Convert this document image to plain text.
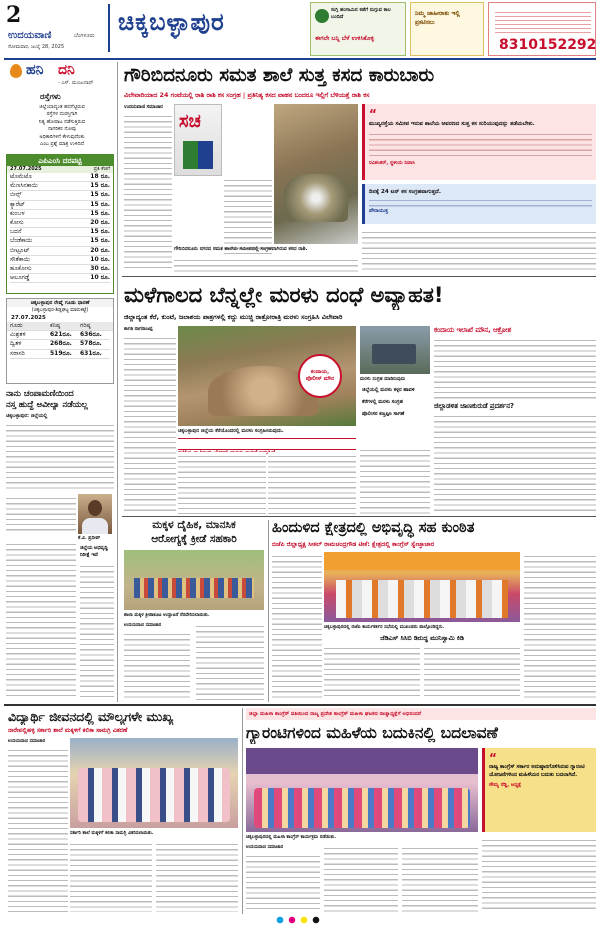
2
ಉದಯವಾಣಿ	ಬೆಂಗಳೂರು
ಸೋಮವಾರ, ಜುಲೈ 28, 2025
ಚಿಕ್ಕಬಳ್ಳಾಪುರ	ಸುಗ್ಗಿ ಹಂಗಾಮಿನ ಕಡೆಗೆ ನುಗ್ಗುವ ಕಾಲ ಬಂದಿದೆ
ಈಗಲೇ ಬನ್ನಿ ಬೆಳೆ ಉಳಿಸಿಕೊಳ್ಳಿ
ನಿಮ್ಮ ಜಾಹೀರಾತು ಇಲ್ಲಿ ಪ್ರಕಟಿಸಲು
8310152292
ಹನಿ ದನಿ
- ಎಸ್. ಮಂಜುನಾಥ್
ರಸ್ತೆಗಳು
ಜಿಲ್ಲೆಯಾದ್ಯಂತ ಹದಗೆಟ್ಟಿರುವ
ರಸ್ತೆಗಳ ದುರಸ್ತಿಗಾಗಿ
ನಿತ್ಯ ಹೋರಾಟ ನಡೆಸುತ್ತಿರುವ
ನಾಗರಿಕರ ನೋವು
ಅಧಿಕಾರಿಗಳಿಗೆ ಕೇಳುವುದೆಂತು
ಎಂಬ ಪ್ರಶ್ನೆ ಮಾತ್ರ ಉಳಿದಿದೆ
ಎಪಿಎಂಸಿ ದರಪಟ್ಟಿ
27.07.2025	ಪ್ರತಿ ಕೆಜಿಗೆ
ಟೊಮೆಟೊ	18 ರೂ.
ಮೆಣಸಿನಕಾಯಿ	15 ರೂ.
ಬೀನ್ಸ್	15 ರೂ.
ಕ್ಯಾರೆಟ್	15 ರೂ.
ಕುಂಬಳ	15 ರೂ.
ಕೋಸು	20 ರೂ.
ಬದನೆ	15 ರೂ.
ಬೆಂಡೆಕಾಯಿ	15 ರೂ.
ಬೀಟ್ರೂಟ್	20 ರೂ.
ಸೌತೆಕಾಯಿ	10 ರೂ.
ಹೂಕೋಸು	30 ರೂ.
ಆಲೂಗಡ್ಡೆ	10 ರೂ.
ಚಿಕ್ಕಬಳ್ಳಾಪುರ ರೇಷ್ಮೆ ಗೂಡು ಧಾರಣೆ
(ಚಿಕ್ಕಬಳ್ಳಾಪುರ-ಶಿಡ್ಲಘಟ್ಟ ಮಾರುಕಟ್ಟೆ)
27.07.2025
ಗೂಡು	ಕನಿಷ್ಠ	ಗರಿಷ್ಠ
ಮಿಶ್ರತಳಿ	621ರೂ.	636ರೂ.
ದ್ವಿತಳಿ	268ರೂ.	578ರೂ.
ಸರಾಸರಿ	519ರೂ.	631ರೂ.
ನಾನು ಚಂಪಾಮಣಿಯಿಂದ
ನಸ್ತ ಹುದ್ದೆ ಅವೀಲ್ಯಾ ನಡೆಯಲ್ಲ
ಚಿಕ್ಕಬಳ್ಳಾಪುರ: ಜಿಲ್ಲೆಯಲ್ಲಿ
ಕೆ.ವಿ. ಪ್ರದೀಪ್
ಜಿಲ್ಲೆಯ ಅಭಿವೃದ್ಧಿ
ನಿರೀಕ್ಷೆ ಇದೆ
ಗೌರಿಬಿದನೂರು ಸಮತ ಶಾಲೆ ಸುತ್ತ ಕಸದ ಕಾರುಬಾರು
ವಿಲೇವಾರಿಯಾದ 24 ಗಂಟೆಯಲ್ಲಿ ರಾಶಿ ರಾಶಿ ಕಸ ಸಂಗ್ರಹ | ಪ್ರತಿನಿತ್ಯ ಕಸದ ವಾಹನ ಬಂದರೂ ಇಲ್ಲಿಗೆ ಬೆಳಿಯತ್ತೆ ರಾಶಿ ಕಸ
ಉದಯವಾಣಿ ಸಮಾಚಾರ
ಸಚ
ಗೌರಿಬಿದನೂರು ನಗರದ ಸಮತ ಶಾಲೆಯ ಸಮೀಪದಲ್ಲಿ ಸಂಗ್ರಹವಾಗಿರುವ ಕಸದ ರಾಶಿ.
“
ಮುಖ್ಯರಸ್ತೆಯ ಸಮೀಪ ಇರುವ ಶಾಲೆಯ ಆವರಣದ ಸುತ್ತ ಕಸ ಸುರಿಯುವುದನ್ನು ತಡೆಯಬೇಕು.
ರವಿಶಂಕರ್, ಸ್ಥಳೀಯ ನಿವಾಸಿ
ದಿನಕ್ಕೆ 24 ಟನ್ ಕಸ ಸಂಗ್ರಹವಾಗುತ್ತದೆ.
ಪೌರಾಯುಕ್ತ
ಮಳೆಗಾಲದ ಬೆನ್ನಲ್ಲೇ ಮರಳು ದಂಧೆ ಅವ್ಯಾಹತ!
ಜಿಲ್ಲಾದ್ಯಂತ ಕೆರೆ, ಕುಂಟೆ, ಜಲಾಶಯ ಪಾತ್ರಗಳಲ್ಲಿ ಕದ್ದು ಮುಚ್ಚಿ ರಾತ್ರೋರಾತ್ರಿ ಮರಳು ಸಂಗ್ರಹಿಸಿ ವಿಲೇವಾರಿ
ಕಾಗತಿ ನಾಗರಾಜಪ್ಪ
ಕಂದಾಯ, ಪೊಲೀಸ್ ಮೌನ
ಚಿಕ್ಕಬಳ್ಳಾಪುರ ಜಿಲ್ಲೆಯ ಕೆರೆಯೊಂದರಲ್ಲಿ ಮರಳು ಸಂಗ್ರಹಿಸಿರುವುದು.
ಮರಳು ಸಂಗ್ರಹ ಮಾಡಿರುವುದು
ಜಿಲ್ಲೆಯಲ್ಲಿ ಮರಳು ಕಳ್ಳರ ಹಾವಳಿ
ಕೆರೆಗಳಲ್ಲಿ ಮರಳು ಸಂಗ್ರಹ
ಪೊಲೀಸರ ಕಣ್ತಪ್ಪಿಸಿ ಸಾಗಣೆ
ಕಂದಾಯ ಇಲಾಖೆ ಮೌನ, ಆಕ್ರೋಶ
ಜಿಲ್ಲಾಡಳಿತ ಜಾಣಕುರುಡೆ ಪ್ರದರ್ಶನ?
ಮಕ್ಕಳ ದೈಹಿಕ, ಮಾನಸಿಕ
ಆರೋಗ್ಯಕ್ಕೆ ಕ್ರೀಡೆ ಸಹಕಾರಿ
ಶಾಲಾ ಮಕ್ಕಳ ಕ್ರೀಡಾಕೂಟ ಉದ್ಘಾಟನೆ ನೆರವೇರಿಸಲಾಯಿತು.
ಉದಯವಾಣಿ ಸಮಾಚಾರ
ಹಿಂದುಳಿದ ಕ್ಷೇತ್ರದಲ್ಲಿ ಅಭಿವೃದ್ಧಿ ಸಹ ಕುಂಠಿತ
ಬಿಜೆಪಿ ಜಿಲ್ಲಾಧ್ಯಕ್ಷ ಸೀಕಲ್ ರಾಮಚಂದ್ರಗೌಡ ಟೀಕೆ: ಕ್ಷೇತ್ರದಲ್ಲಿ ಕಾಂಗ್ರೆಸ್ ಸ್ವೇಚ್ಛಾಚಾರ
ಚಿಕ್ಕಬಳ್ಳಾಪುರದಲ್ಲಿ ಬಿಜೆಪಿ ಕಾರ್ಯಕರ್ತರ ಸಭೆಯಲ್ಲಿ ಮುಖಂಡರು ಪಾಲ್ಗೊಂಡಿದ್ದರು.
ಜೆಡಿಎಸ್ ಸಿಸಿಬಿ ಡಿರುದ್ಧ ಮುನಿಸ್ವಾಮಿ ಕಿಡಿ
ವಿದ್ಯಾರ್ಥಿ ಜೀವನದಲ್ಲಿ ಮೌಲ್ಯಗಳೇ ಮುಖ್ಯ
ನಾರೇಪಲ್ಲಿಹಳ್ಳಿ ಸರ್ಕಾರಿ ಶಾಲೆ ಮಕ್ಕಳಿಗೆ ಕಲಿಕಾ ಸಾಮಗ್ರಿ ವಿತರಣೆ
ಉದಯವಾಣಿ ಸಮಾಚಾರ
ಸರ್ಕಾರಿ ಶಾಲೆ ಮಕ್ಕಳಿಗೆ ಕಲಿಕಾ ಸಾಮಗ್ರಿ ವಿತರಿಸಲಾಯಿತು.
ಜಿಲ್ಲಾ ಮಹಿಳಾ ಕಾಂಗ್ರೆಸ್ ವತಿಯಿಂದ ರಾಜ್ಯ ಪ್ರದೇಶ ಕಾಂಗ್ರೆಸ್ ಮಹಿಳಾ ಘಟಕದ ರಾಜ್ಯಾಧ್ಯಕ್ಷೆಗೆ ಅಭಿನಂದನೆ
ಗ್ಯಾರಂಟಿಗಳಿಂದ ಮಹಿಳೆಯ ಬದುಕಿನಲ್ಲಿ ಬದಲಾವಣೆ
ಚಿಕ್ಕಬಳ್ಳಾಪುರದಲ್ಲಿ ಮಹಿಳಾ ಕಾಂಗ್ರೆಸ್ ಕಾರ್ಯಕ್ರಮ ನಡೆಯಿತು.
ಉದಯವಾಣಿ ಸಮಾಚಾರ
“
ರಾಜ್ಯ ಕಾಂಗ್ರೆಸ್ ಸರ್ಕಾರ ಅನುಷ್ಠಾನಗೊಳಿಸಿರುವ ಗ್ಯಾರಂಟಿ ಯೋಜನೆಗಳಿಂದ ಮಹಿಳೆಯರ ಬದುಕು ಬದಲಾಗಿದೆ.
ಸೌಮ್ಯ ರೆಡ್ಡಿ, ಅಧ್ಯಕ್ಷೆ
